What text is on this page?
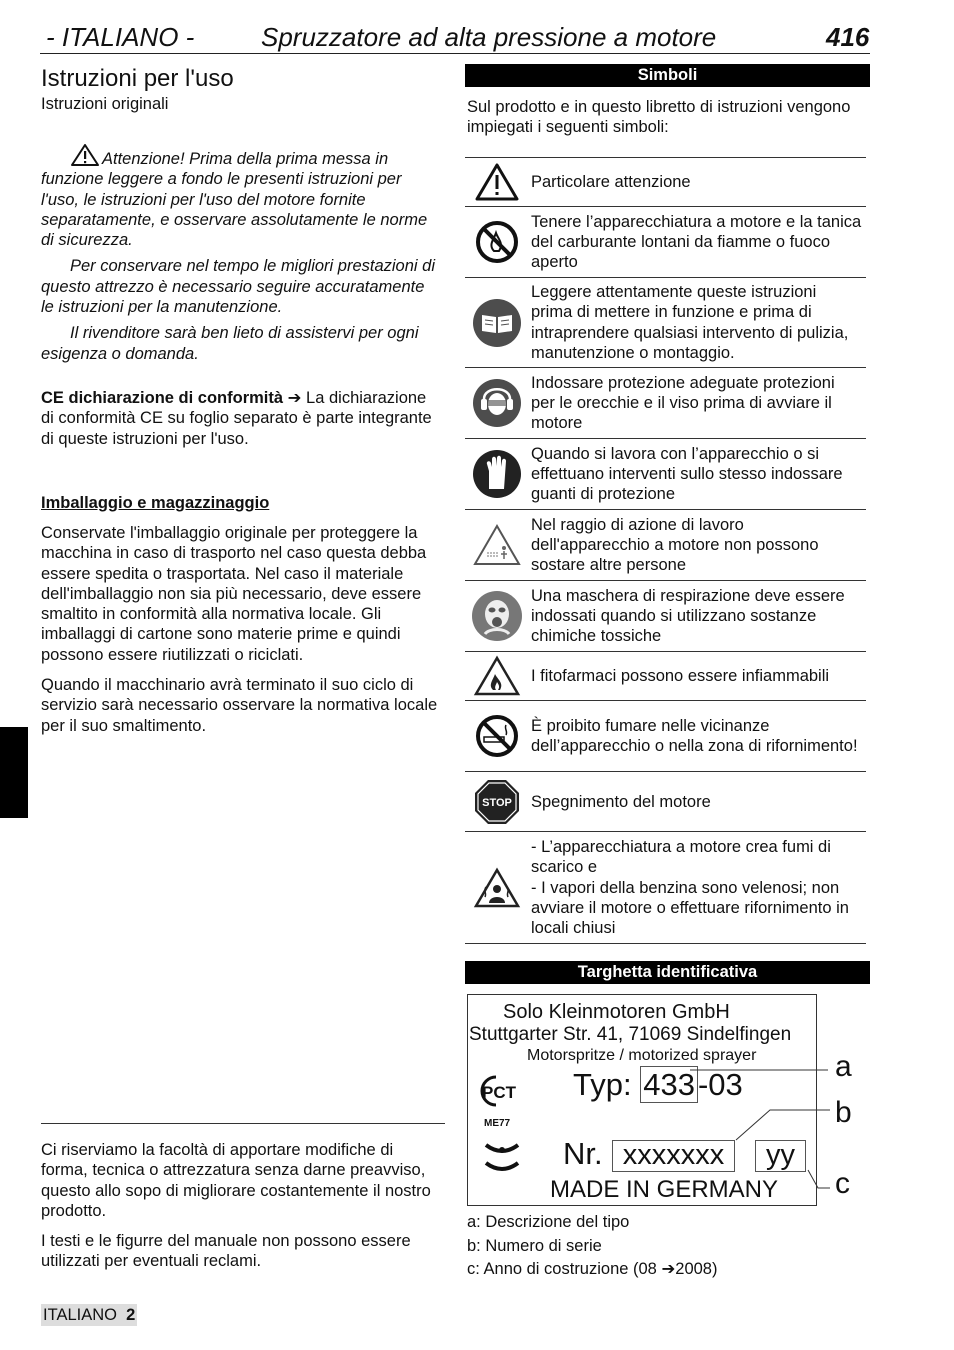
- ITALIANO -	Spruzzatore ad alta pressione a motore	416
Istruzioni per l'uso
Istruzioni originali

Attenzione! Prima della prima messa in funzione leggere a fondo le presenti istruzioni per l'uso, le istruzioni per l'uso del motore fornite separatamente, e osservare assolutamente le norme di sicurezza.

Per conservare nel tempo le migliori prestazioni di questo attrezzo è necessario seguire accuratamente le istruzioni per la manutenzione.

Il rivenditore sarà ben lieto di assistervi per ogni esigenza o domanda.

CE dichiarazione di conformità ➔ La dichiarazione di conformità CE su foglio separato è parte integrante di queste istruzioni per l'uso.
Imballaggio e magazzinaggio

Conservate l'imballaggio originale per proteggere la macchina in caso di trasporto nel caso questa debba essere spedita o trasportata. Nel caso il materiale dell'imballaggio non sia più necessario, deve essere smaltito in conformità alla normativa locale. Gli imballaggi di cartone sono materie prime e quindi possono essere riutilizzati o riciclati.

Quando il macchinario avrà terminato il suo ciclo di servizio sarà necessario osservare la normativa locale per il suo smaltimento.

Ci riserviamo la facoltà di apportare modifiche di forma, tecnica o attrezzatura senza darne preavviso, questo allo sopo di migliorare costantemente il nostro prodotto.

I testi e le figurre del manuale non possono essere utilizzati per eventuali reclami.

ITALIANO 2
Simboli
Sul prodotto e in questo libretto di istruzioni vengono impiegati i seguenti simboli:
	Particolare attenzione

	Tenere l’apparecchiatura a motore e la tanica del carburante lontani da fiamme o fuoco aperto

	Leggere attentamente queste istruzioni prima di mettere in funzione e prima di intraprendere qualsiasi intervento di pulizia, manutenzione o montaggio.

	Indossare protezione adeguate protezioni per le orecchie e il viso prima di avviare il motore

	Quando si lavora con l’apparecchio o si effettuano interventi sullo stesso indossare guanti di protezione

	Nel raggio di azione di lavoro dell'apparecchio a motore non possono sostare altre persone

	Una maschera di respirazione deve essere indossati quando si utilizzano sostanze chimiche tossiche

	I fitofarmaci possono essere infiammabili

	È proibito fumare nelle vicinanze dell’apparecchio o nella zona di rifornimento!

STOP	Spegnimento del motore

	- L’apparecchiatura a motore crea fumi di scarico e
- I vapori della benzina sono velenosi; non avviare il motore o effettuare rifornimento in locali chiusi
Targhetta identificativa
Solo Kleinmotoren GmbH
Stuttgarter Str. 41, 71069 Sindelfingen
Motorspritze / motorized sprayer
PCT
ME77
Typ: 433-03
Nr. xxxxxxx	yy
MADE IN GERMANY
a
b
c
a: Descrizione del tipo
b: Numero di serie
c: Anno di costruzione (08 ➔2008)
